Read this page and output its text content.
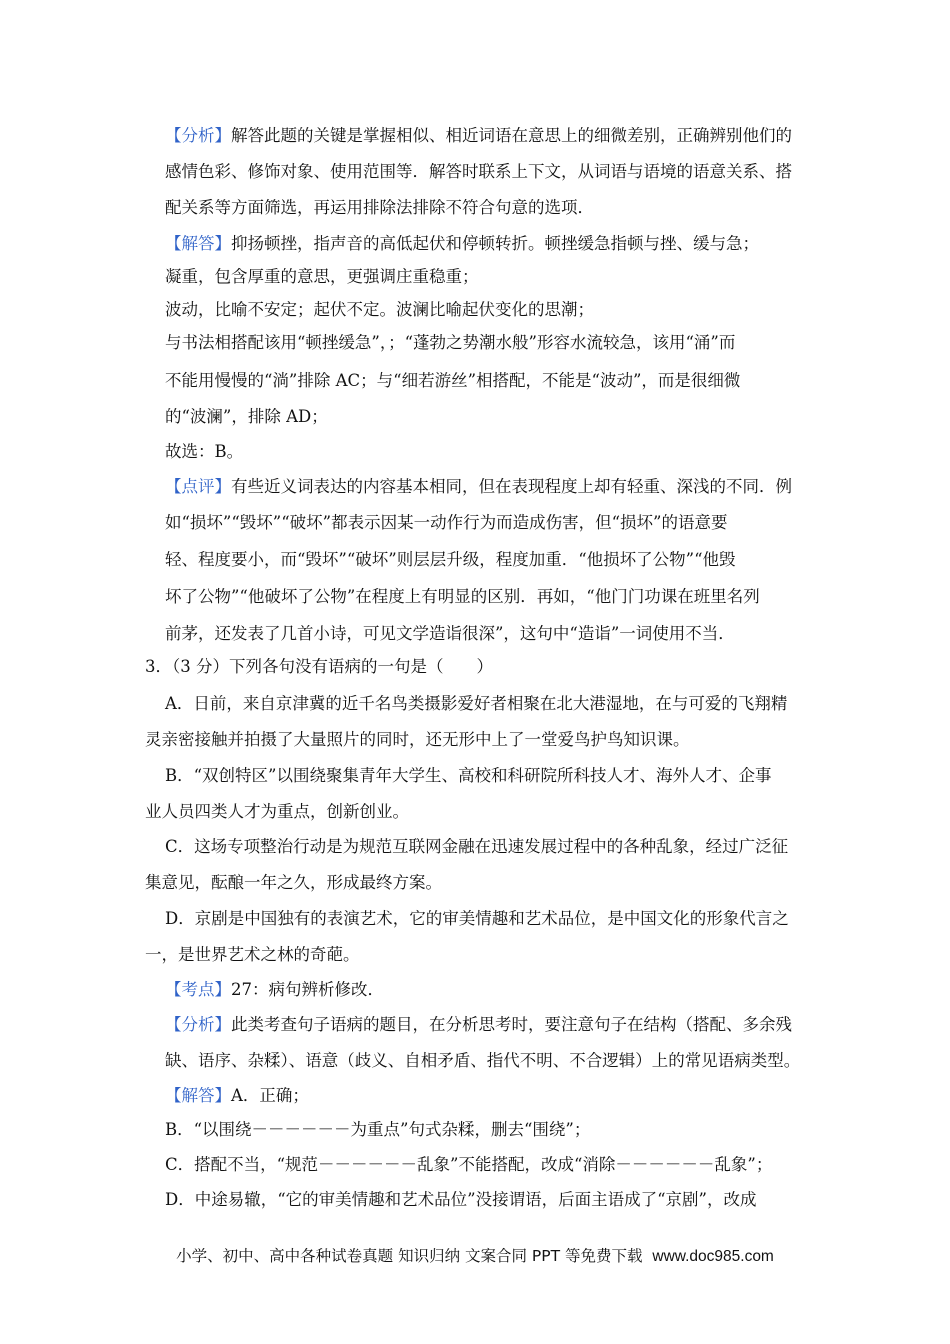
【分析】解答此题的关键是掌握相似、相近词语在意思上的细微差别，正确辨别他们的
感情色彩、修饰对象、使用范围等．解答时联系上下文，从词语与语境的语意关系、搭
配关系等方面筛选，再运用排除法排除不符合句意的选项．
【解答】抑扬顿挫，指声音的高低起伏和停顿转折。顿挫缓急指顿与挫、缓与急；
凝重，包含厚重的意思，更强调庄重稳重；
波动，比喻不安定；起伏不定。波澜比喻起伏变化的思潮；
与书法相搭配该用“顿挫缓急”，；“蓬勃之势潮水般”形容水流较急，该用“涌”而
不能用慢慢的“淌”排除 AC；与“细若游丝”相搭配，不能是“波动”，而是很细微
的“波澜”，排除 AD；
故选：B。
【点评】有些近义词表达的内容基本相同，但在表现程度上却有轻重、深浅的不同．例
如“损坏”“毁坏”“破坏”都表示因某一动作行为而造成伤害，但“损坏”的语意要
轻、程度要小，而“毁坏”“破坏”则层层升级，程度加重．“他损坏了公物”“他毁
坏了公物”“他破坏了公物”在程度上有明显的区别．再如，“他门门功课在班里名列
前茅，还发表了几首小诗，可见文学造诣很深”，这句中“造诣”一词使用不当．
3．（3 分）下列各句没有语病的一句是（　　）
A．日前，来自京津冀的近千名鸟类摄影爱好者相聚在北大港湿地，在与可爱的飞翔精
灵亲密接触并拍摄了大量照片的同时，还无形中上了一堂爱鸟护鸟知识课。
B．“双创特区”以围绕聚集青年大学生、高校和科研院所科技人才、海外人才、企事
业人员四类人才为重点，创新创业。
C．这场专项整治行动是为规范互联网金融在迅速发展过程中的各种乱象，经过广泛征
集意见，酝酿一年之久，形成最终方案。
D．京剧是中国独有的表演艺术，它的审美情趣和艺术品位，是中国文化的形象代言之
一，是世界艺术之林的奇葩。
【考点】27：病句辨析修改．
【分析】此类考查句子语病的题目，在分析思考时，要注意句子在结构（搭配、多余残
缺、语序、杂糅）、语意（歧义、自相矛盾、指代不明、不合逻辑）上的常见语病类型。
【解答】A．正确；
B．“以围绕－－－－－－为重点”句式杂糅，删去“围绕”；
C．搭配不当，“规范－－－－－－乱象”不能搭配，改成“消除－－－－－－乱象”；
D．中途易辙，“它的审美情趣和艺术品位”没接谓语，后面主语成了“京剧”，改成
小学、初中、高中各种试卷真题 知识归纳 文案合同 PPT 等免费下载 www.doc985.com
